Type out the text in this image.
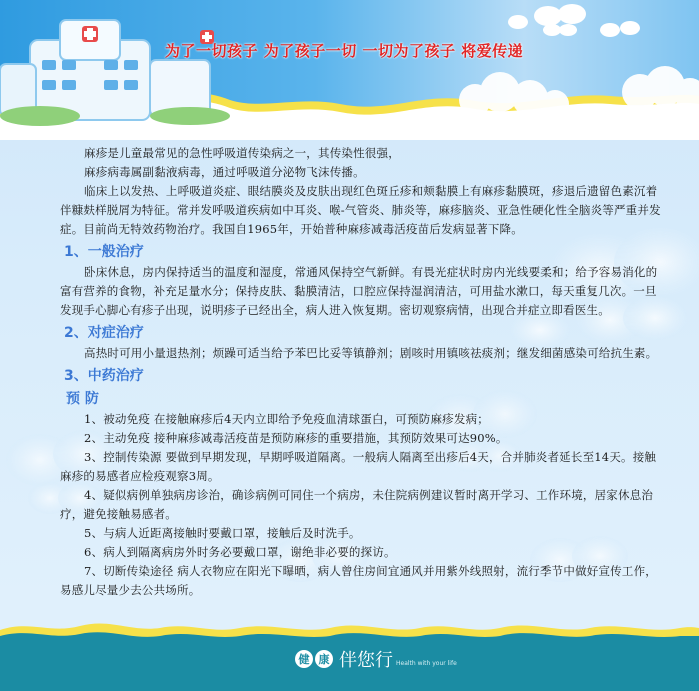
为了一切孩子 为了孩子一切 一切为了孩子 将爱传递

麻疹是儿童最常见的急性呼吸道传染病之一，其传染性很强，

麻疹病毒属副黏液病毒，通过呼吸道分泌物飞沫传播。

临床上以发热、上呼吸道炎症、眼结膜炎及皮肤出现红色斑丘疹和颊黏膜上有麻疹黏膜斑，疹退后遗留色素沉着伴糠麸样脱屑为特征。常并发呼吸道疾病如中耳炎、喉-气管炎、肺炎等，麻疹脑炎、亚急性硬化性全脑炎等严重并发症。目前尚无特效药物治疗。我国自1965年，开始普种麻疹减毒活疫苗后发病显著下降。

1、一般治疗

卧床休息，房内保持适当的温度和湿度，常通风保持空气新鲜。有畏光症状时房内光线要柔和；给予容易消化的富有营养的食物，补充足量水分；保持皮肤、黏膜清洁，口腔应保持湿润清洁，可用盐水漱口，每天重复几次。一旦发现手心脚心有疹子出现，说明疹子已经出全，病人进入恢复期。密切观察病情，出现合并症立即看医生。

2、对症治疗

高热时可用小量退热剂；烦躁可适当给予苯巴比妥等镇静剂；剧咳时用镇咳祛痰剂；继发细菌感染可给抗生素。

3、中药治疗
预 防

1、被动免疫 在接触麻疹后4天内立即给予免疫血清球蛋白，可预防麻疹发病；

2、主动免疫 接种麻疹减毒活疫苗是预防麻疹的重要措施，其预防效果可达90%。

3、控制传染源 要做到早期发现，早期呼吸道隔离。一般病人隔离至出疹后4天，合并肺炎者延长至14天。接触麻疹的易感者应检疫观察3周。

4、疑似病例单独病房诊治，确诊病例可同住一个病房，未住院病例建议暂时离开学习、工作环境，居家休息治疗，避免接触易感者。

5、与病人近距离接触时要戴口罩，接触后及时洗手。

6、病人到隔离病房外时务必要戴口罩，谢绝非必要的探访。

7、切断传染途径 病人衣物应在阳光下曝晒，病人曾住房间宜通风并用紫外线照射，流行季节中做好宣传工作，易感儿尽量少去公共场所。

健 康 伴您行 Health with your life
